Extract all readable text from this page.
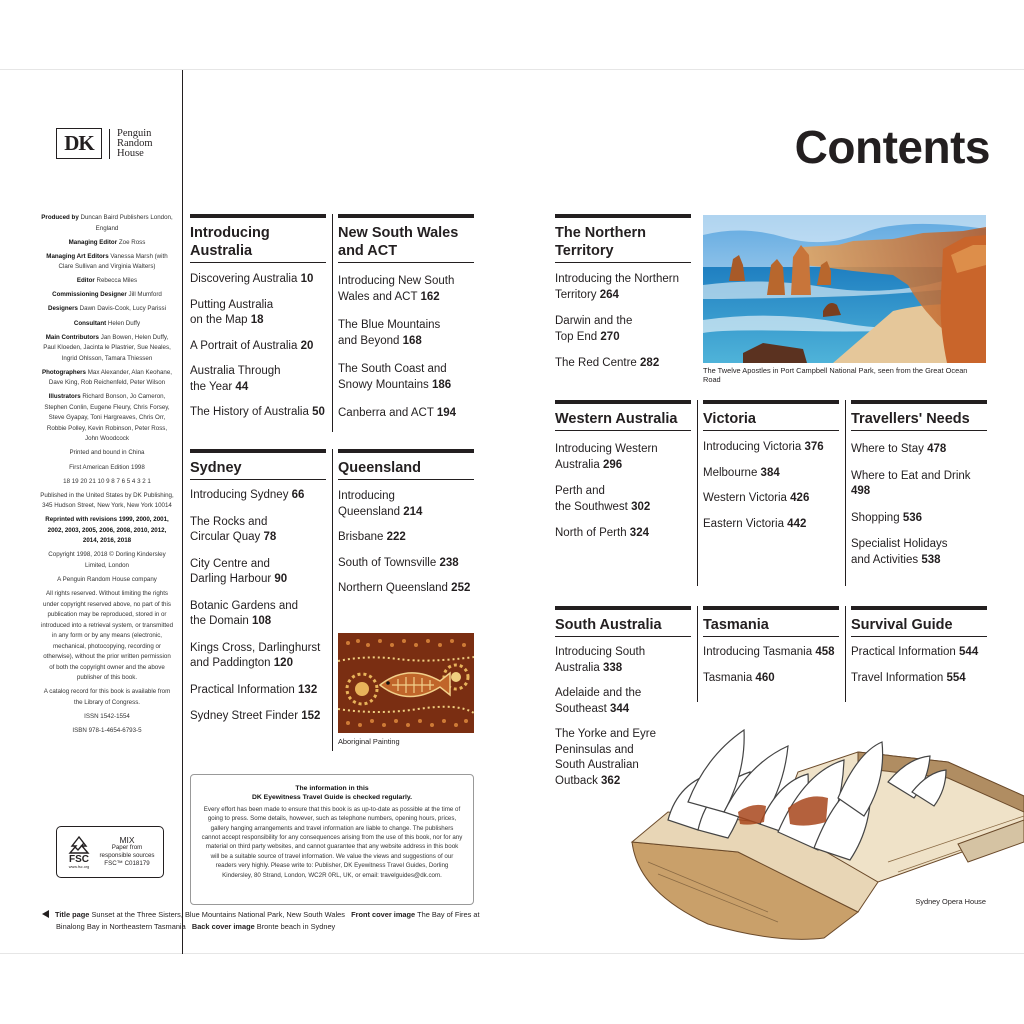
DK	Penguin
Random
House

Produced by Duncan Baird Publishers London, England

Managing Editor Zoe Ross

Managing Art Editors Vanessa Marsh (with Clare Sullivan and Virginia Walters)

Editor Rebecca Miles

Commissioning Designer Jill Mumford

Designers Dawn Davis-Cook, Lucy Parissi

Consultant Helen Duffy

Main Contributors Jan Bowen, Helen Duffy, Paul Kloeden, Jacinta le Plastrier, Sue Neales, Ingrid Ohlsson, Tamara Thiessen

Photographers Max Alexander, Alan Keohane, Dave King, Rob Reichenfeld, Peter Wilson

Illustrators Richard Bonson, Jo Cameron, Stephen Conlin, Eugene Fleury, Chris Forsey, Steve Gyapay, Toni Hargreaves, Chris Orr, Robbie Polley, Kevin Robinson, Peter Ross, John Woodcock

Printed and bound in China

First American Edition 1998

18 19 20 21 10 9 8 7 6 5 4 3 2 1

Published in the United States by DK Publishing, 345 Hudson Street, New York, New York 10014

Reprinted with revisions 1999, 2000, 2001, 2002, 2003, 2005, 2006, 2008, 2010, 2012, 2014, 2016, 2018

Copyright 1998, 2018 © Dorling Kindersley Limited, London

A Penguin Random House company

All rights reserved. Without limiting the rights under copyright reserved above, no part of this publication may be reproduced, stored in or introduced into a retrieval system, or transmitted in any form or by any means (electronic, mechanical, photocopying, recording or otherwise), without the prior written permission of both the copyright owner and the above publisher of this book.

A catalog record for this book is available from the Library of Congress.

ISSN 1542-1554

ISBN 978-1-4654-6793-5

FSC
www.fsc.org
MIX
Paper from
responsible sources
FSC™ C018179
Title page Sunset at the Three Sisters, Blue Mountains National Park, New South Wales Front cover image The Bay of Fires at
Binalong Bay in Northeastern Tasmania Back cover image Bronte beach in Sydney
Contents
Introducing
Australia
Discovering Australia 10
Putting Australia
on the Map 18
A Portrait of Australia 20
Australia Through
the Year 44
The History of Australia 50
New South Wales
and ACT
Introducing New South
Wales and ACT 162
The Blue Mountains
and Beyond 168
The South Coast and
Snowy Mountains 186
Canberra and ACT 194
Sydney
Introducing Sydney 66
The Rocks and
Circular Quay 78
City Centre and
Darling Harbour 90
Botanic Gardens and
the Domain 108
Kings Cross, Darlinghurst
and Paddington 120
Practical Information 132
Sydney Street Finder 152
Queensland
Introducing
Queensland 214
Brisbane 222
South of Townsville 238
Northern Queensland 252
The Northern
Territory
Introducing the Northern
Territory 264
Darwin and the
Top End 270
The Red Centre 282
Western Australia
Introducing Western
Australia 296
Perth and
the Southwest 302
North of Perth 324
Victoria
Introducing Victoria 376
Melbourne 384
Western Victoria 426
Eastern Victoria 442
Travellers' Needs
Where to Stay 478
Where to Eat and Drink
498
Shopping 536
Specialist Holidays
and Activities 538
South Australia
Introducing South
Australia 338
Adelaide and the
Southeast 344
The Yorke and Eyre
Peninsulas and
South Australian
Outback 362
Tasmania
Introducing Tasmania 458
Tasmania 460
Survival Guide
Practical Information 544
Travel Information 554
The Twelve Apostles in Port Campbell National Park, seen from the Great Ocean Road
Aboriginal Painting
Sydney Opera House
The information in this
DK Eyewitness Travel Guide is checked regularly.
Every effort has been made to ensure that this book is as up-to-date as possible at the time of going to press. Some details, however, such as telephone numbers, opening hours, prices, gallery hanging arrangements and travel information are liable to change. The publishers cannot accept responsibility for any consequences arising from the use of this book, nor for any material on third party websites, and cannot guarantee that any website address in this book will be a suitable source of travel information. We value the views and suggestions of our readers very highly. Please write to: Publisher, DK Eyewitness Travel Guides, Dorling Kindersley, 80 Strand, London, WC2R 0RL, UK, or email: travelguides@dk.com.
